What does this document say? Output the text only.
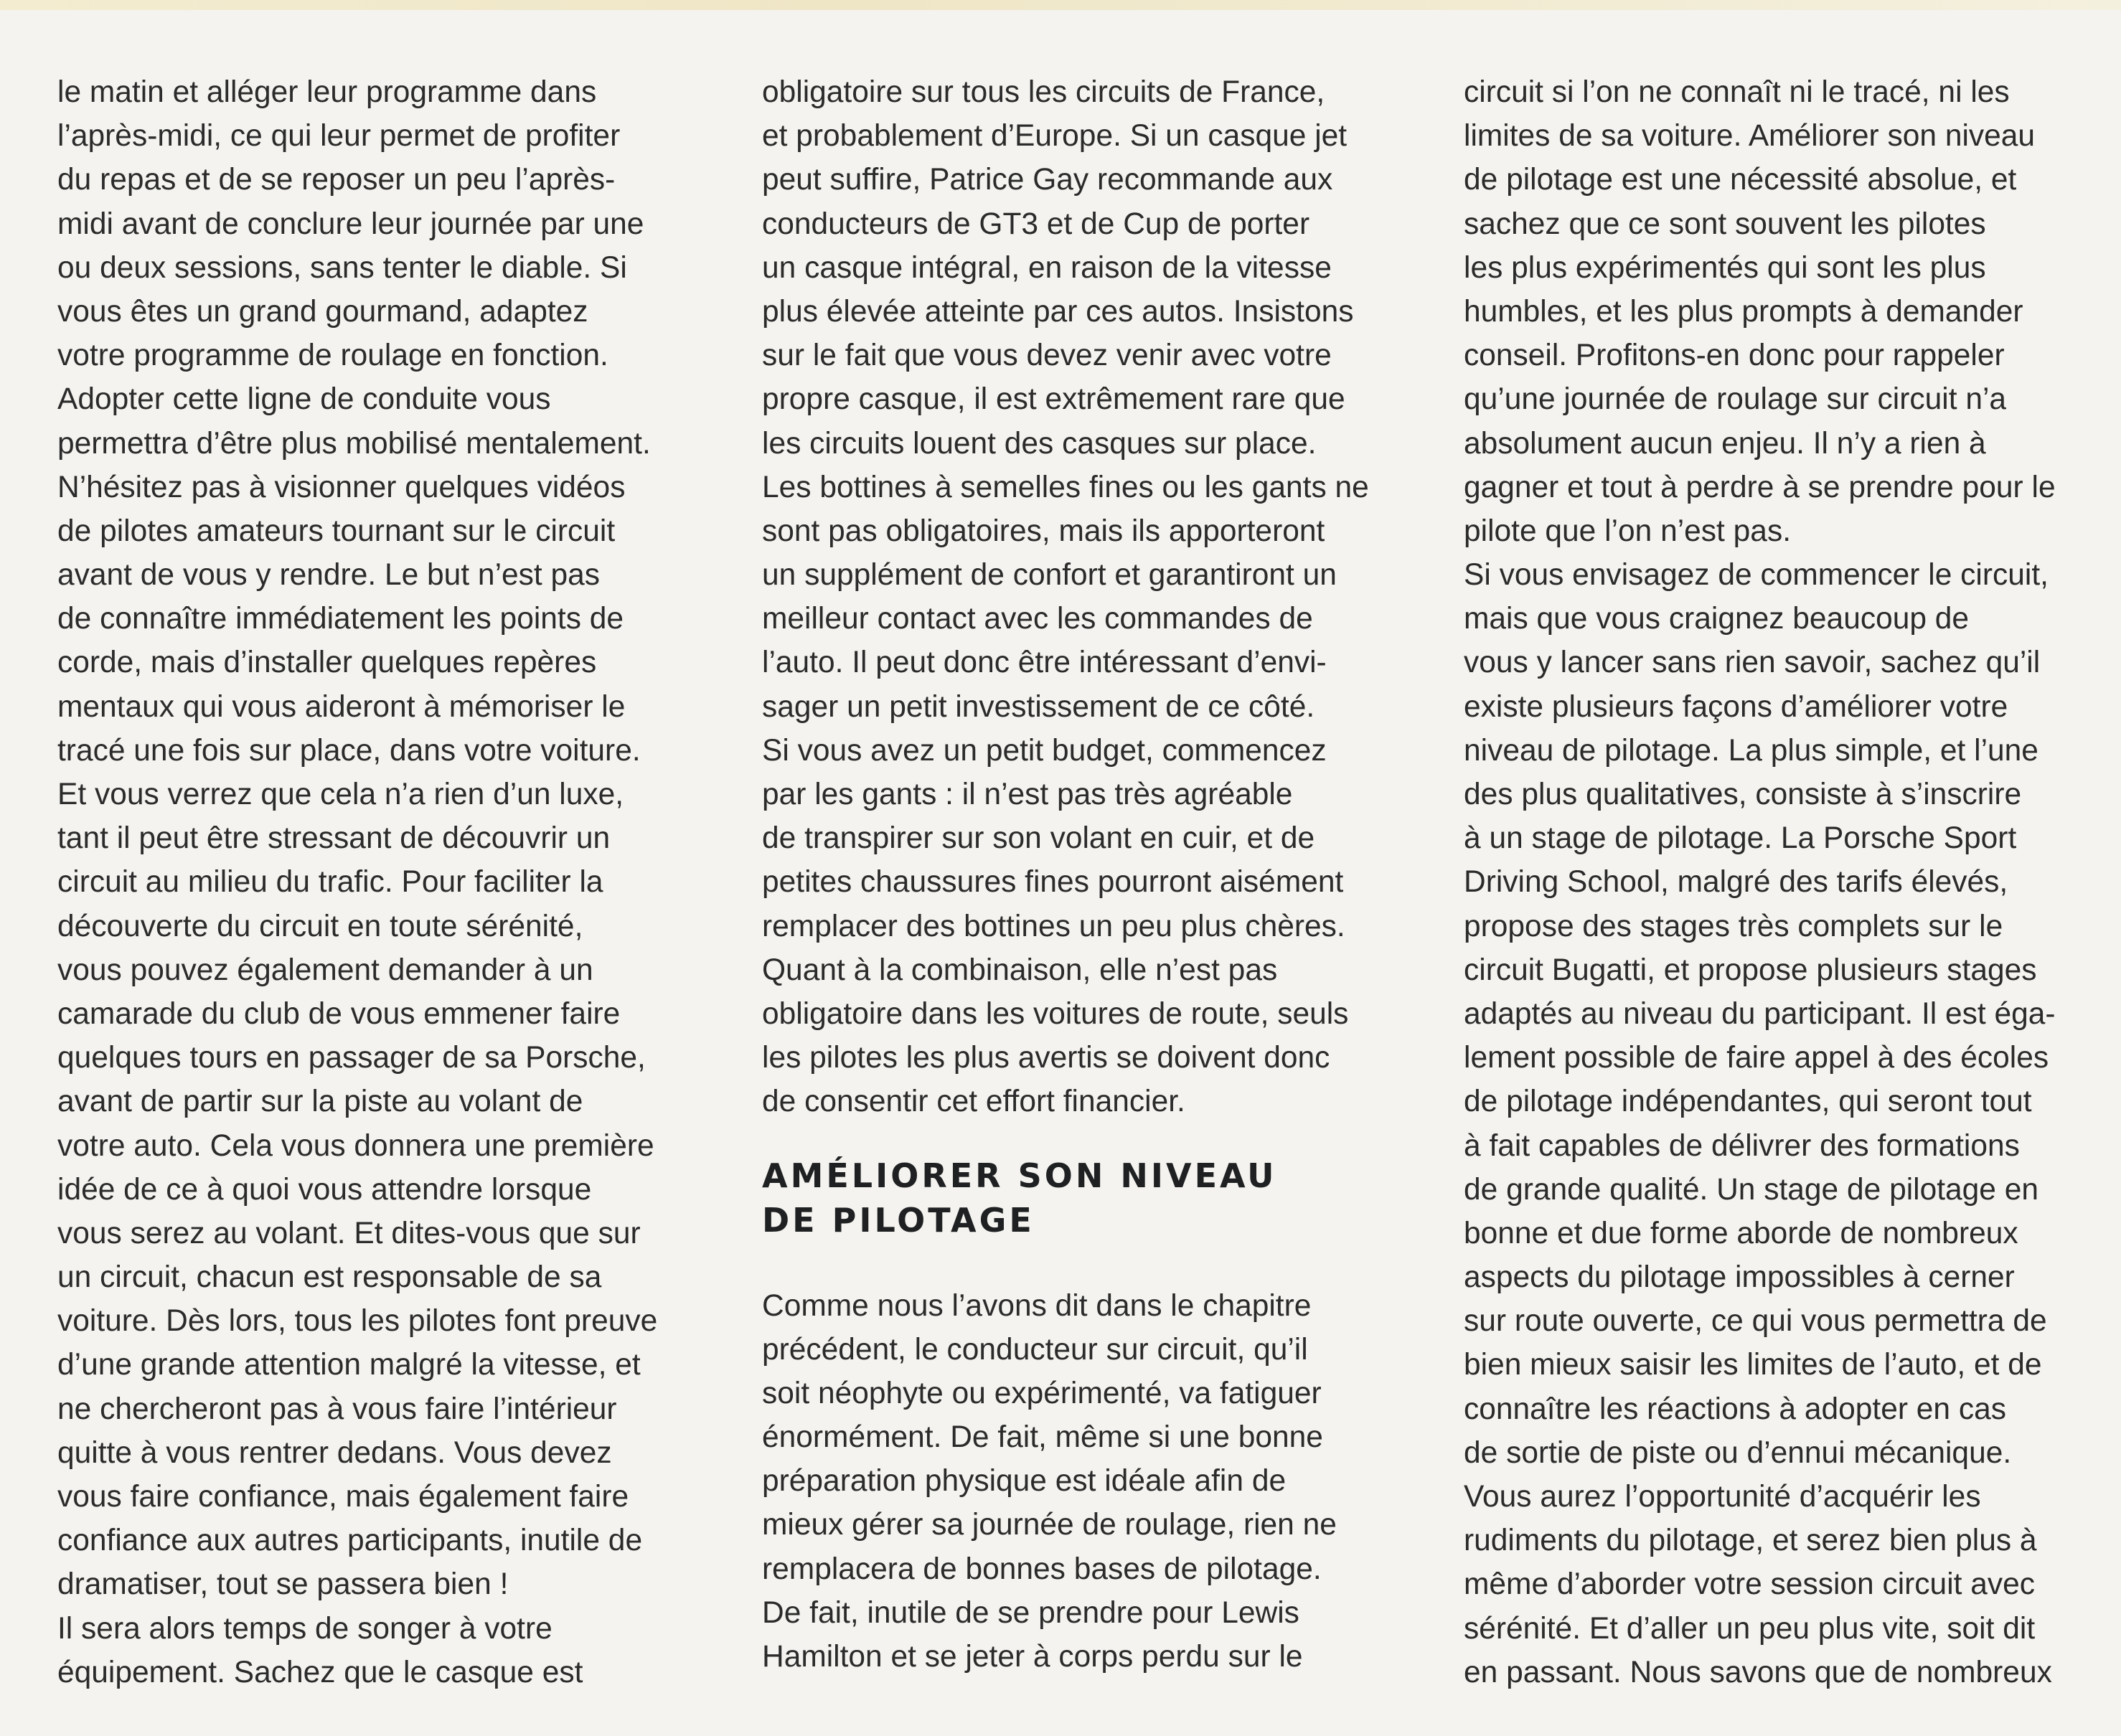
le matin et alléger leur programme dans
l’après-midi, ce qui leur permet de profiter
du repas et de se reposer un peu l’après-
midi avant de conclure leur journée par une
ou deux sessions, sans tenter le diable. Si
vous êtes un grand gourmand, adaptez
votre programme de roulage en fonction.
Adopter cette ligne de conduite vous
permettra d’être plus mobilisé mentalement.
N’hésitez pas à visionner quelques vidéos
de pilotes amateurs tournant sur le circuit
avant de vous y rendre. Le but n’est pas
de connaître immédiatement les points de
corde, mais d’installer quelques repères
mentaux qui vous aideront à mémoriser le
tracé une fois sur place, dans votre voiture.
Et vous verrez que cela n’a rien d’un luxe,
tant il peut être stressant de découvrir un
circuit au milieu du trafic. Pour faciliter la
découverte du circuit en toute sérénité,
vous pouvez également demander à un
camarade du club de vous emmener faire
quelques tours en passager de sa Porsche,
avant de partir sur la piste au volant de
votre auto. Cela vous donnera une première
idée de ce à quoi vous attendre lorsque
vous serez au volant. Et dites-vous que sur
un circuit, chacun est responsable de sa
voiture. Dès lors, tous les pilotes font preuve
d’une grande attention malgré la vitesse, et
ne chercheront pas à vous faire l’intérieur
quitte à vous rentrer dedans. Vous devez
vous faire confiance, mais également faire
confiance aux autres participants, inutile de
dramatiser, tout se passera bien !
Il sera alors temps de songer à votre
équipement. Sachez que le casque est
obligatoire sur tous les circuits de France,
et probablement d’Europe. Si un casque jet
peut suffire, Patrice Gay recommande aux
conducteurs de GT3 et de Cup de porter
un casque intégral, en raison de la vitesse
plus élevée atteinte par ces autos. Insistons
sur le fait que vous devez venir avec votre
propre casque, il est extrêmement rare que
les circuits louent des casques sur place.
Les bottines à semelles fines ou les gants ne
sont pas obligatoires, mais ils apporteront
un supplément de confort et garantiront un
meilleur contact avec les commandes de
l’auto. Il peut donc être intéressant d’envi-
sager un petit investissement de ce côté.
Si vous avez un petit budget, commencez
par les gants : il n’est pas très agréable
de transpirer sur son volant en cuir, et de
petites chaussures fines pourront aisément
remplacer des bottines un peu plus chères.
Quant à la combinaison, elle n’est pas
obligatoire dans les voitures de route, seuls
les pilotes les plus avertis se doivent donc
de consentir cet effort financier.
AMÉLIORER SON NIVEAU
DE PILOTAGE
Comme nous l’avons dit dans le chapitre
précédent, le conducteur sur circuit, qu’il
soit néophyte ou expérimenté, va fatiguer
énormément. De fait, même si une bonne
préparation physique est idéale afin de
mieux gérer sa journée de roulage, rien ne
remplacera de bonnes bases de pilotage.
De fait, inutile de se prendre pour Lewis
Hamilton et se jeter à corps perdu sur le
circuit si l’on ne connaît ni le tracé, ni les
limites de sa voiture. Améliorer son niveau
de pilotage est une nécessité absolue, et
sachez que ce sont souvent les pilotes
les plus expérimentés qui sont les plus
humbles, et les plus prompts à demander
conseil. Profitons-en donc pour rappeler
qu’une journée de roulage sur circuit n’a
absolument aucun enjeu. Il n’y a rien à
gagner et tout à perdre à se prendre pour le
pilote que l’on n’est pas.
Si vous envisagez de commencer le circuit,
mais que vous craignez beaucoup de
vous y lancer sans rien savoir, sachez qu’il
existe plusieurs façons d’améliorer votre
niveau de pilotage. La plus simple, et l’une
des plus qualitatives, consiste à s’inscrire
à un stage de pilotage. La Porsche Sport
Driving School, malgré des tarifs élevés,
propose des stages très complets sur le
circuit Bugatti, et propose plusieurs stages
adaptés au niveau du participant. Il est éga-
lement possible de faire appel à des écoles
de pilotage indépendantes, qui seront tout
à fait capables de délivrer des formations
de grande qualité. Un stage de pilotage en
bonne et due forme aborde de nombreux
aspects du pilotage impossibles à cerner
sur route ouverte, ce qui vous permettra de
bien mieux saisir les limites de l’auto, et de
connaître les réactions à adopter en cas
de sortie de piste ou d’ennui mécanique.
Vous aurez l’opportunité d’acquérir les
rudiments du pilotage, et serez bien plus à
même d’aborder votre session circuit avec
sérénité. Et d’aller un peu plus vite, soit dit
en passant. Nous savons que de nombreux
